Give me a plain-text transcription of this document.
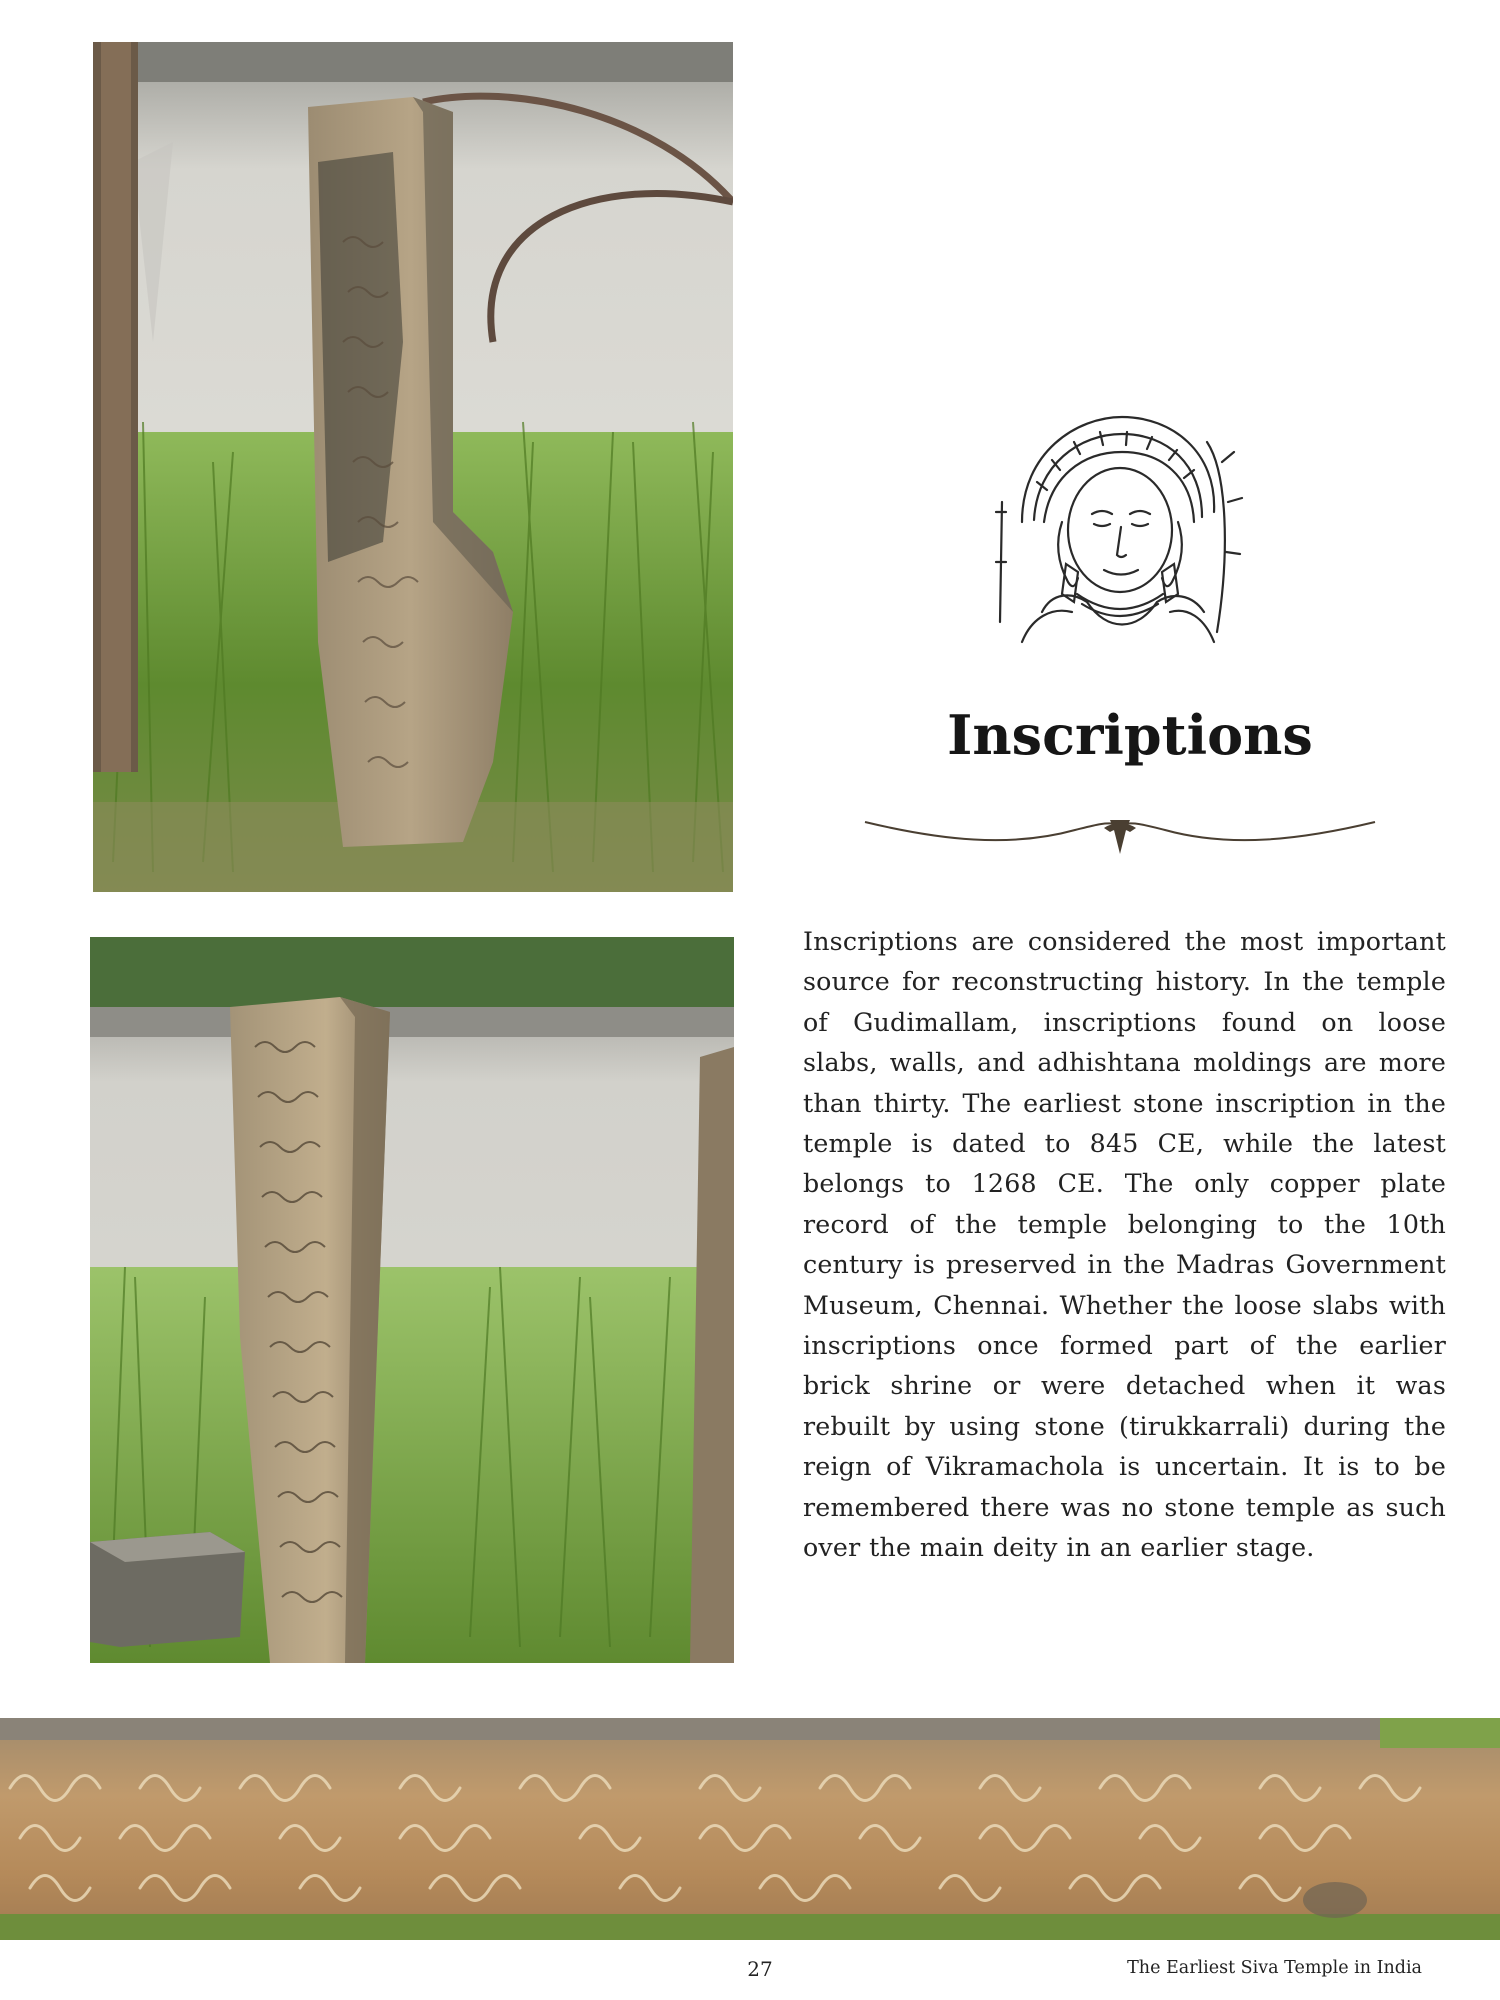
Inscriptions

Inscriptions are considered the most important source for reconstructing history. In the temple of Gudimallam, inscriptions found on loose slabs, walls, and adhishtana moldings are more than thirty. The earliest stone inscription in the temple is dated to 845 CE, while the latest belongs to 1268 CE. The only copper plate record of the temple belonging to the 10th century is preserved in the Madras Government Museum, Chennai. Whether the loose slabs with inscriptions once formed part of the earlier brick shrine or were detached when it was rebuilt by using stone (tirukkarrali) during the reign of Vikramachola is uncertain. It is to be remembered there was no stone temple as such over the main deity in an earlier stage.

27	The Earliest Siva Temple in India
